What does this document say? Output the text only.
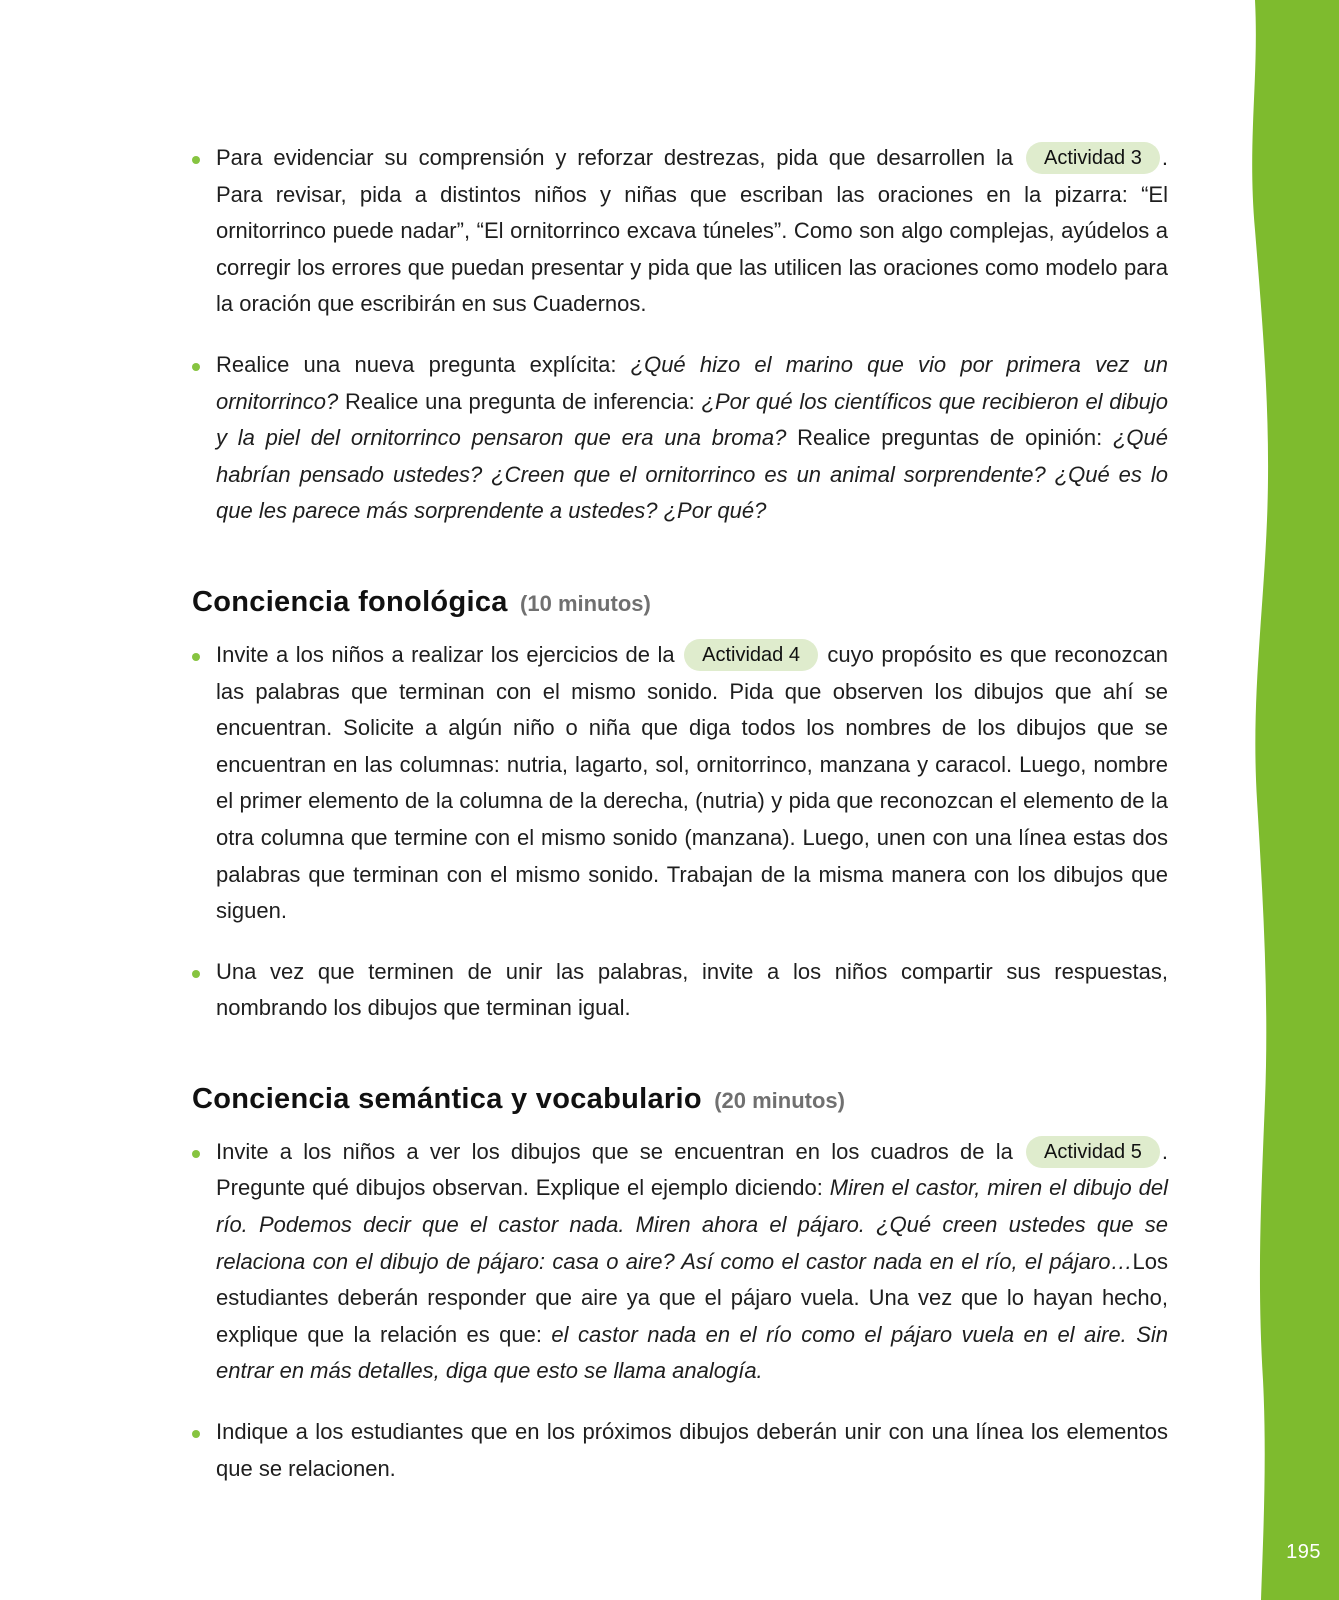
195
Para evidenciar su comprensión y reforzar destrezas, pida que desarrollen la Actividad 3 . Para revisar, pida a distintos niños y niñas que escriban las oraciones en la pizarra: “El ornitorrinco puede nadar”, “El ornitorrinco excava túneles”. Como son algo complejas, ayúdelos a corregir los errores que puedan presentar y pida que las utilicen las oraciones como modelo para la oración que escribirán en sus Cuadernos.
Realice una nueva pregunta explícita: ¿Qué hizo el marino que vio por primera vez un ornitorrinco? Realice una pregunta de inferencia: ¿Por qué los científicos que recibieron el dibujo y la piel del ornitorrinco pensaron que era una broma? Realice preguntas de opinión: ¿Qué habrían pensado ustedes? ¿Creen que el ornitorrinco es un animal sorprendente? ¿Qué es lo que les parece más sorprendente a ustedes? ¿Por qué?
Conciencia fonológica (10 minutos)
Invite a los niños a realizar los ejercicios de la Actividad 4 cuyo propósito es que reconozcan las palabras que terminan con el mismo sonido. Pida que observen los dibujos que ahí se encuentran. Solicite a algún niño o niña que diga todos los nombres de los dibujos que se encuentran en las columnas: nutria, lagarto, sol, ornitorrinco, manzana y caracol. Luego, nombre el primer elemento de la columna de la derecha, (nutria) y pida que reconozcan el elemento de la otra columna que termine con el mismo sonido (manzana). Luego, unen con una línea estas dos palabras que terminan con el mismo sonido. Trabajan de la misma manera con los dibujos que siguen.
Una vez que terminen de unir las palabras, invite a los niños compartir sus respuestas, nombrando los dibujos que terminan igual.
Conciencia semántica y vocabulario (20 minutos)
Invite a los niños a ver los dibujos que se encuentran en los cuadros de la Actividad 5 . Pregunte qué dibujos observan. Explique el ejemplo diciendo: Miren el castor, miren el dibujo del río. Podemos decir que el castor nada. Miren ahora el pájaro. ¿Qué creen ustedes que se relaciona con el dibujo de pájaro: casa o aire? Así como el castor nada en el río, el pájaro…Los estudiantes deberán responder que aire ya que el pájaro vuela. Una vez que lo hayan hecho, explique que la relación es que: el castor nada en el río como el pájaro vuela en el aire. Sin entrar en más detalles, diga que esto se llama analogía.
Indique a los estudiantes que en los próximos dibujos deberán unir con una línea los elementos que se relacionen.
